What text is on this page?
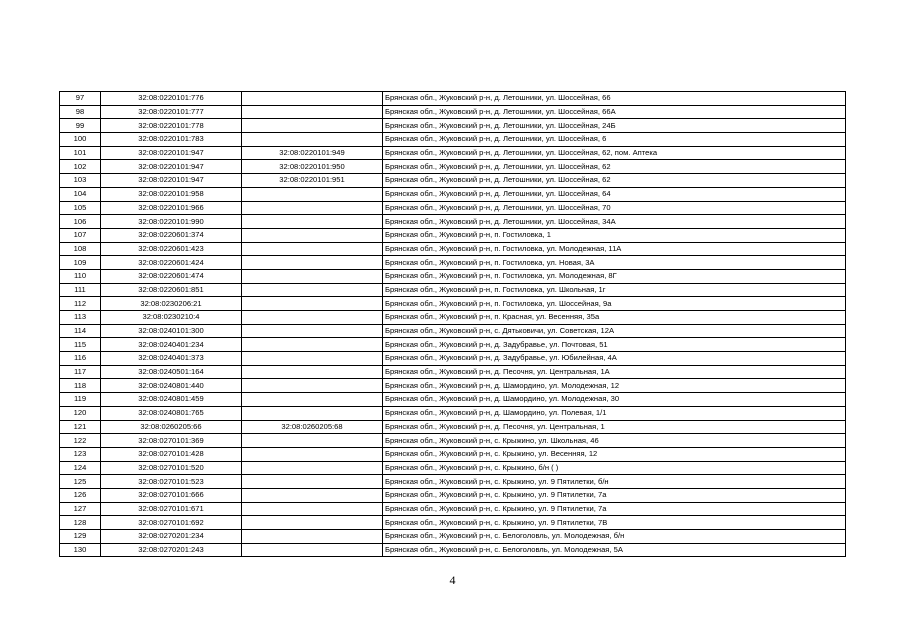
97	32:08:0220101:776		Брянская обл., Жуковский р-н, д. Летошники, ул. Шоссейная, 66
98	32:08:0220101:777		Брянская обл., Жуковский р-н, д. Летошники, ул. Шоссейная, 66А
99	32:08:0220101:778		Брянская обл., Жуковский р-н, д. Летошники, ул. Шоссейная, 24Б
100	32:08:0220101:783		Брянская обл., Жуковский р-н, д. Летошники, ул. Шоссейная, 6
101	32:08:0220101:947	32:08:0220101:949	Брянская обл., Жуковский р-н, д. Летошники, ул. Шоссейная, 62, пом. Аптека
102	32:08:0220101:947	32:08:0220101:950	Брянская обл., Жуковский р-н, д. Летошники, ул. Шоссейная, 62
103	32:08:0220101:947	32:08:0220101:951	Брянская обл., Жуковский р-н, д. Летошники, ул. Шоссейная, 62
104	32:08:0220101:958		Брянская обл., Жуковский р-н, д. Летошники, ул. Шоссейная, 64
105	32:08:0220101:966		Брянская обл., Жуковский р-н, д. Летошники, ул. Шоссейная, 70
106	32:08:0220101:990		Брянская обл., Жуковский р-н, д. Летошники, ул. Шоссейная, 34А
107	32:08:0220601:374		Брянская обл., Жуковский р-н, п. Гостиловка, 1
108	32:08:0220601:423		Брянская обл., Жуковский р-н, п. Гостиловка, ул. Молодежная, 11А
109	32:08:0220601:424		Брянская обл., Жуковский р-н, п. Гостиловка, ул. Новая, 3А
110	32:08:0220601:474		Брянская обл., Жуковский р-н, п. Гостиловка, ул. Молодежная, 8Г
111	32:08:0220601:851		Брянская обл., Жуковский р-н, п. Гостиловка, ул. Школьная, 1г
112	32:08:0230206:21		Брянская обл., Жуковский р-н, п. Гостиловка, ул. Шоссейная, 9а
113	32:08:0230210:4		Брянская обл., Жуковский р-н, п. Красная, ул. Весенняя, 35а
114	32:08:0240101:300		Брянская обл., Жуковский р-н, с. Дятьковичи, ул. Советская, 12А
115	32:08:0240401:234		Брянская обл., Жуковский р-н, д. Задубравье, ул. Почтовая, 51
116	32:08:0240401:373		Брянская обл., Жуковский р-н, д. Задубравье, ул. Юбилейная, 4А
117	32:08:0240501:164		Брянская обл., Жуковский р-н, д. Песочня, ул. Центральная, 1А
118	32:08:0240801:440		Брянская обл., Жуковский р-н, д. Шамордино, ул. Молодежная, 12
119	32:08:0240801:459		Брянская обл., Жуковский р-н, д. Шамордино, ул. Молодежная, 30
120	32:08:0240801:765		Брянская обл., Жуковский р-н, д. Шамордино, ул. Полевая, 1/1
121	32:08:0260205:66	32:08:0260205:68	Брянская обл., Жуковский р-н, д. Песочня, ул. Центральная, 1
122	32:08:0270101:369		Брянская обл., Жуковский р-н, с. Крыжино, ул. Школьная, 46
123	32:08:0270101:428		Брянская обл., Жуковский р-н, с. Крыжино, ул. Весенняя, 12
124	32:08:0270101:520		Брянская обл., Жуковский р-н, с. Крыжино, б/н ( )
125	32:08:0270101:523		Брянская обл., Жуковский р-н, с. Крыжино, ул. 9 Пятилетки, б/н
126	32:08:0270101:666		Брянская обл., Жуковский р-н, с. Крыжино, ул. 9 Пятилетки, 7а
127	32:08:0270101:671		Брянская обл., Жуковский р-н, с. Крыжино, ул. 9 Пятилетки, 7а
128	32:08:0270101:692		Брянская обл., Жуковский р-н, с. Крыжино, ул. 9 Пятилетки, 7В
129	32:08:0270201:234		Брянская обл., Жуковский р-н, с. Белоголовль, ул. Молодежная, б/н
130	32:08:0270201:243		Брянская обл., Жуковский р-н, с. Белоголовль, ул. Молодежная, 5А
4
